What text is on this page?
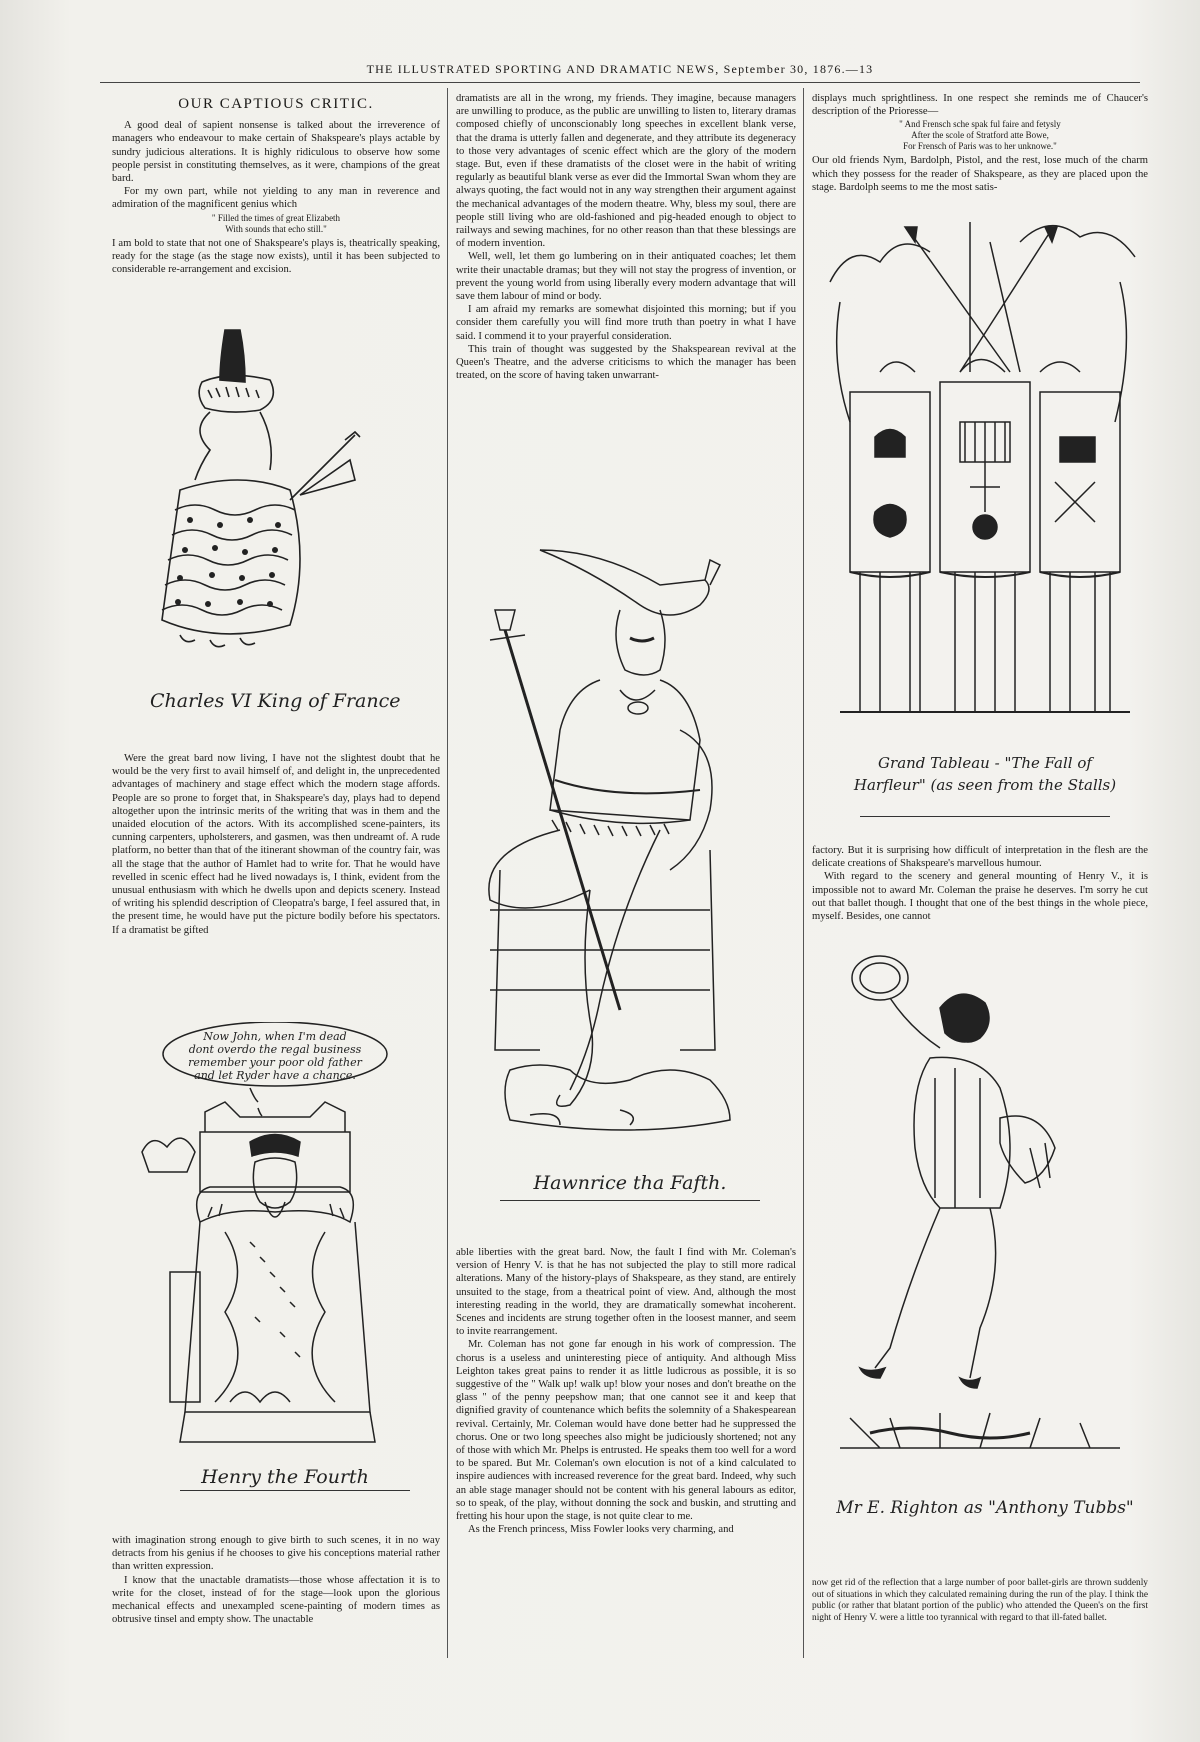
THE ILLUSTRATED SPORTING AND DRAMATIC NEWS, September 30, 1876.—13
OUR CAPTIOUS CRITIC.

A good deal of sapient nonsense is talked about the irreverence of managers who endeavour to make certain of Shakspeare's plays actable by sundry judicious alterations. It is highly ridiculous to observe how some people persist in constituting themselves, as it were, champions of the great bard.

For my own part, while not yielding to any man in reverence and admiration of the magnificent genius which

" Filled the times of great Elizabeth
With sounds that echo still."

I am bold to state that not one of Shakspeare's plays is, theatrically speaking, ready for the stage (as the stage now exists), until it has been subjected to considerable re-arrangement and excision.

Charles VI King of France

Were the great bard now living, I have not the slightest doubt that he would be the very first to avail himself of, and delight in, the unprecedented advantages of machinery and stage effect which the modern stage affords. People are so prone to forget that, in Shakspeare's day, plays had to depend altogether upon the intrinsic merits of the writing that was in them and the unaided elocution of the actors. With its accomplished scene-painters, its cunning carpenters, upholsterers, and gasmen, was then undreamt of. A rude platform, no better than that of the itinerant showman of the country fair, was all the stage that the author of Hamlet had to write for. That he would have revelled in scenic effect had he lived nowadays is, I think, evident from the unusual enthusiasm with which he dwells upon and depicts scenery. Instead of writing his splendid description of Cleopatra's barge, I feel assured that, in the present time, he would have put the picture bodily before his spectators. If a dramatist be gifted

Now John, when I'm dead
dont overdo the regal business
remember your poor old father
and let Ryder have a chance.
Henry the Fourth

with imagination strong enough to give birth to such scenes, it in no way detracts from his genius if he chooses to give his conceptions material rather than written expression.

I know that the unactable dramatists—those whose affectation it is to write for the closet, instead of for the stage—look upon the glorious mechanical effects and unexampled scene-painting of modern times as obtrusive tinsel and empty show. The unactable

dramatists are all in the wrong, my friends. They imagine, because managers are unwilling to produce, as the public are unwilling to listen to, literary dramas composed chiefly of unconscionably long speeches in excellent blank verse, that the drama is utterly fallen and degenerate, and they attribute its degeneracy to those very advantages of scenic effect which are the glory of the modern stage. But, even if these dramatists of the closet were in the habit of writing regularly as beautiful blank verse as ever did the Immortal Swan whom they are always quoting, the fact would not in any way strengthen their argument against the mechanical advantages of the modern theatre. Why, bless my soul, there are people still living who are old-fashioned and pig-headed enough to object to railways and sewing machines, for no other reason than that these blessings are of modern invention.

Well, well, let them go lumbering on in their antiquated coaches; let them write their unactable dramas; but they will not stay the progress of invention, or prevent the young world from using liberally every modern advantage that will save them labour of mind or body.

I am afraid my remarks are somewhat disjointed this morning; but if you consider them carefully you will find more truth than poetry in what I have said. I commend it to your prayerful consideration.

This train of thought was suggested by the Shakspearean revival at the Queen's Theatre, and the adverse criticisms to which the manager has been treated, on the score of having taken unwarrant-

Hawnrice tha Fafth.

able liberties with the great bard. Now, the fault I find with Mr. Coleman's version of Henry V. is that he has not subjected the play to still more radical alterations. Many of the history-plays of Shakspeare, as they stand, are entirely unsuited to the stage, from a theatrical point of view. And, although the most interesting reading in the world, they are dramatically somewhat incoherent. Scenes and incidents are strung together often in the loosest manner, and seem to invite rearrangement.

Mr. Coleman has not gone far enough in his work of compression. The chorus is a useless and uninteresting piece of antiquity. And although Miss Leighton takes great pains to render it as little ludicrous as possible, it is so suggestive of the " Walk up! walk up! blow your noses and don't breathe on the glass " of the penny peepshow man; that one cannot see it and keep that dignified gravity of countenance which befits the solemnity of a Shakespearean revival. Certainly, Mr. Coleman would have done better had he suppressed the chorus. One or two long speeches also might be judiciously shortened; not any of those with which Mr. Phelps is entrusted. He speaks them too well for a word to be spared. But Mr. Coleman's own elocution is not of a kind calculated to inspire audiences with increased reverence for the great bard. Indeed, why such an able stage manager should not be content with his general labours as editor, so to speak, of the play, without donning the sock and buskin, and strutting and fretting his hour upon the stage, is not quite clear to me.

As the French princess, Miss Fowler looks very charming, and

displays much sprightliness. In one respect she reminds me of Chaucer's description of the Prioresse—

" And Frensch sche spak ful faire and fetysly
After the scole of Stratford atte Bowe,
For Frensch of Paris was to her unknowe."

Our old friends Nym, Bardolph, Pistol, and the rest, lose much of the charm which they possess for the reader of Shakspeare, as they are placed upon the stage. Bardolph seems to me the most satis-

Grand Tableau - "The Fall of
Harfleur" (as seen from the Stalls)

factory. But it is surprising how difficult of interpretation in the flesh are the delicate creations of Shakspeare's marvellous humour.

With regard to the scenery and general mounting of Henry V., it is impossible not to award Mr. Coleman the praise he deserves. I'm sorry he cut out that ballet though. I thought that one of the best things in the whole piece, myself. Besides, one cannot

Mr E. Righton as "Anthony Tubbs"

now get rid of the reflection that a large number of poor ballet-girls are thrown suddenly out of situations in which they calculated remaining during the run of the play. I think the public (or rather that blatant portion of the public) who attended the Queen's on the first night of Henry V. were a little too tyrannical with regard to that ill-fated ballet.
